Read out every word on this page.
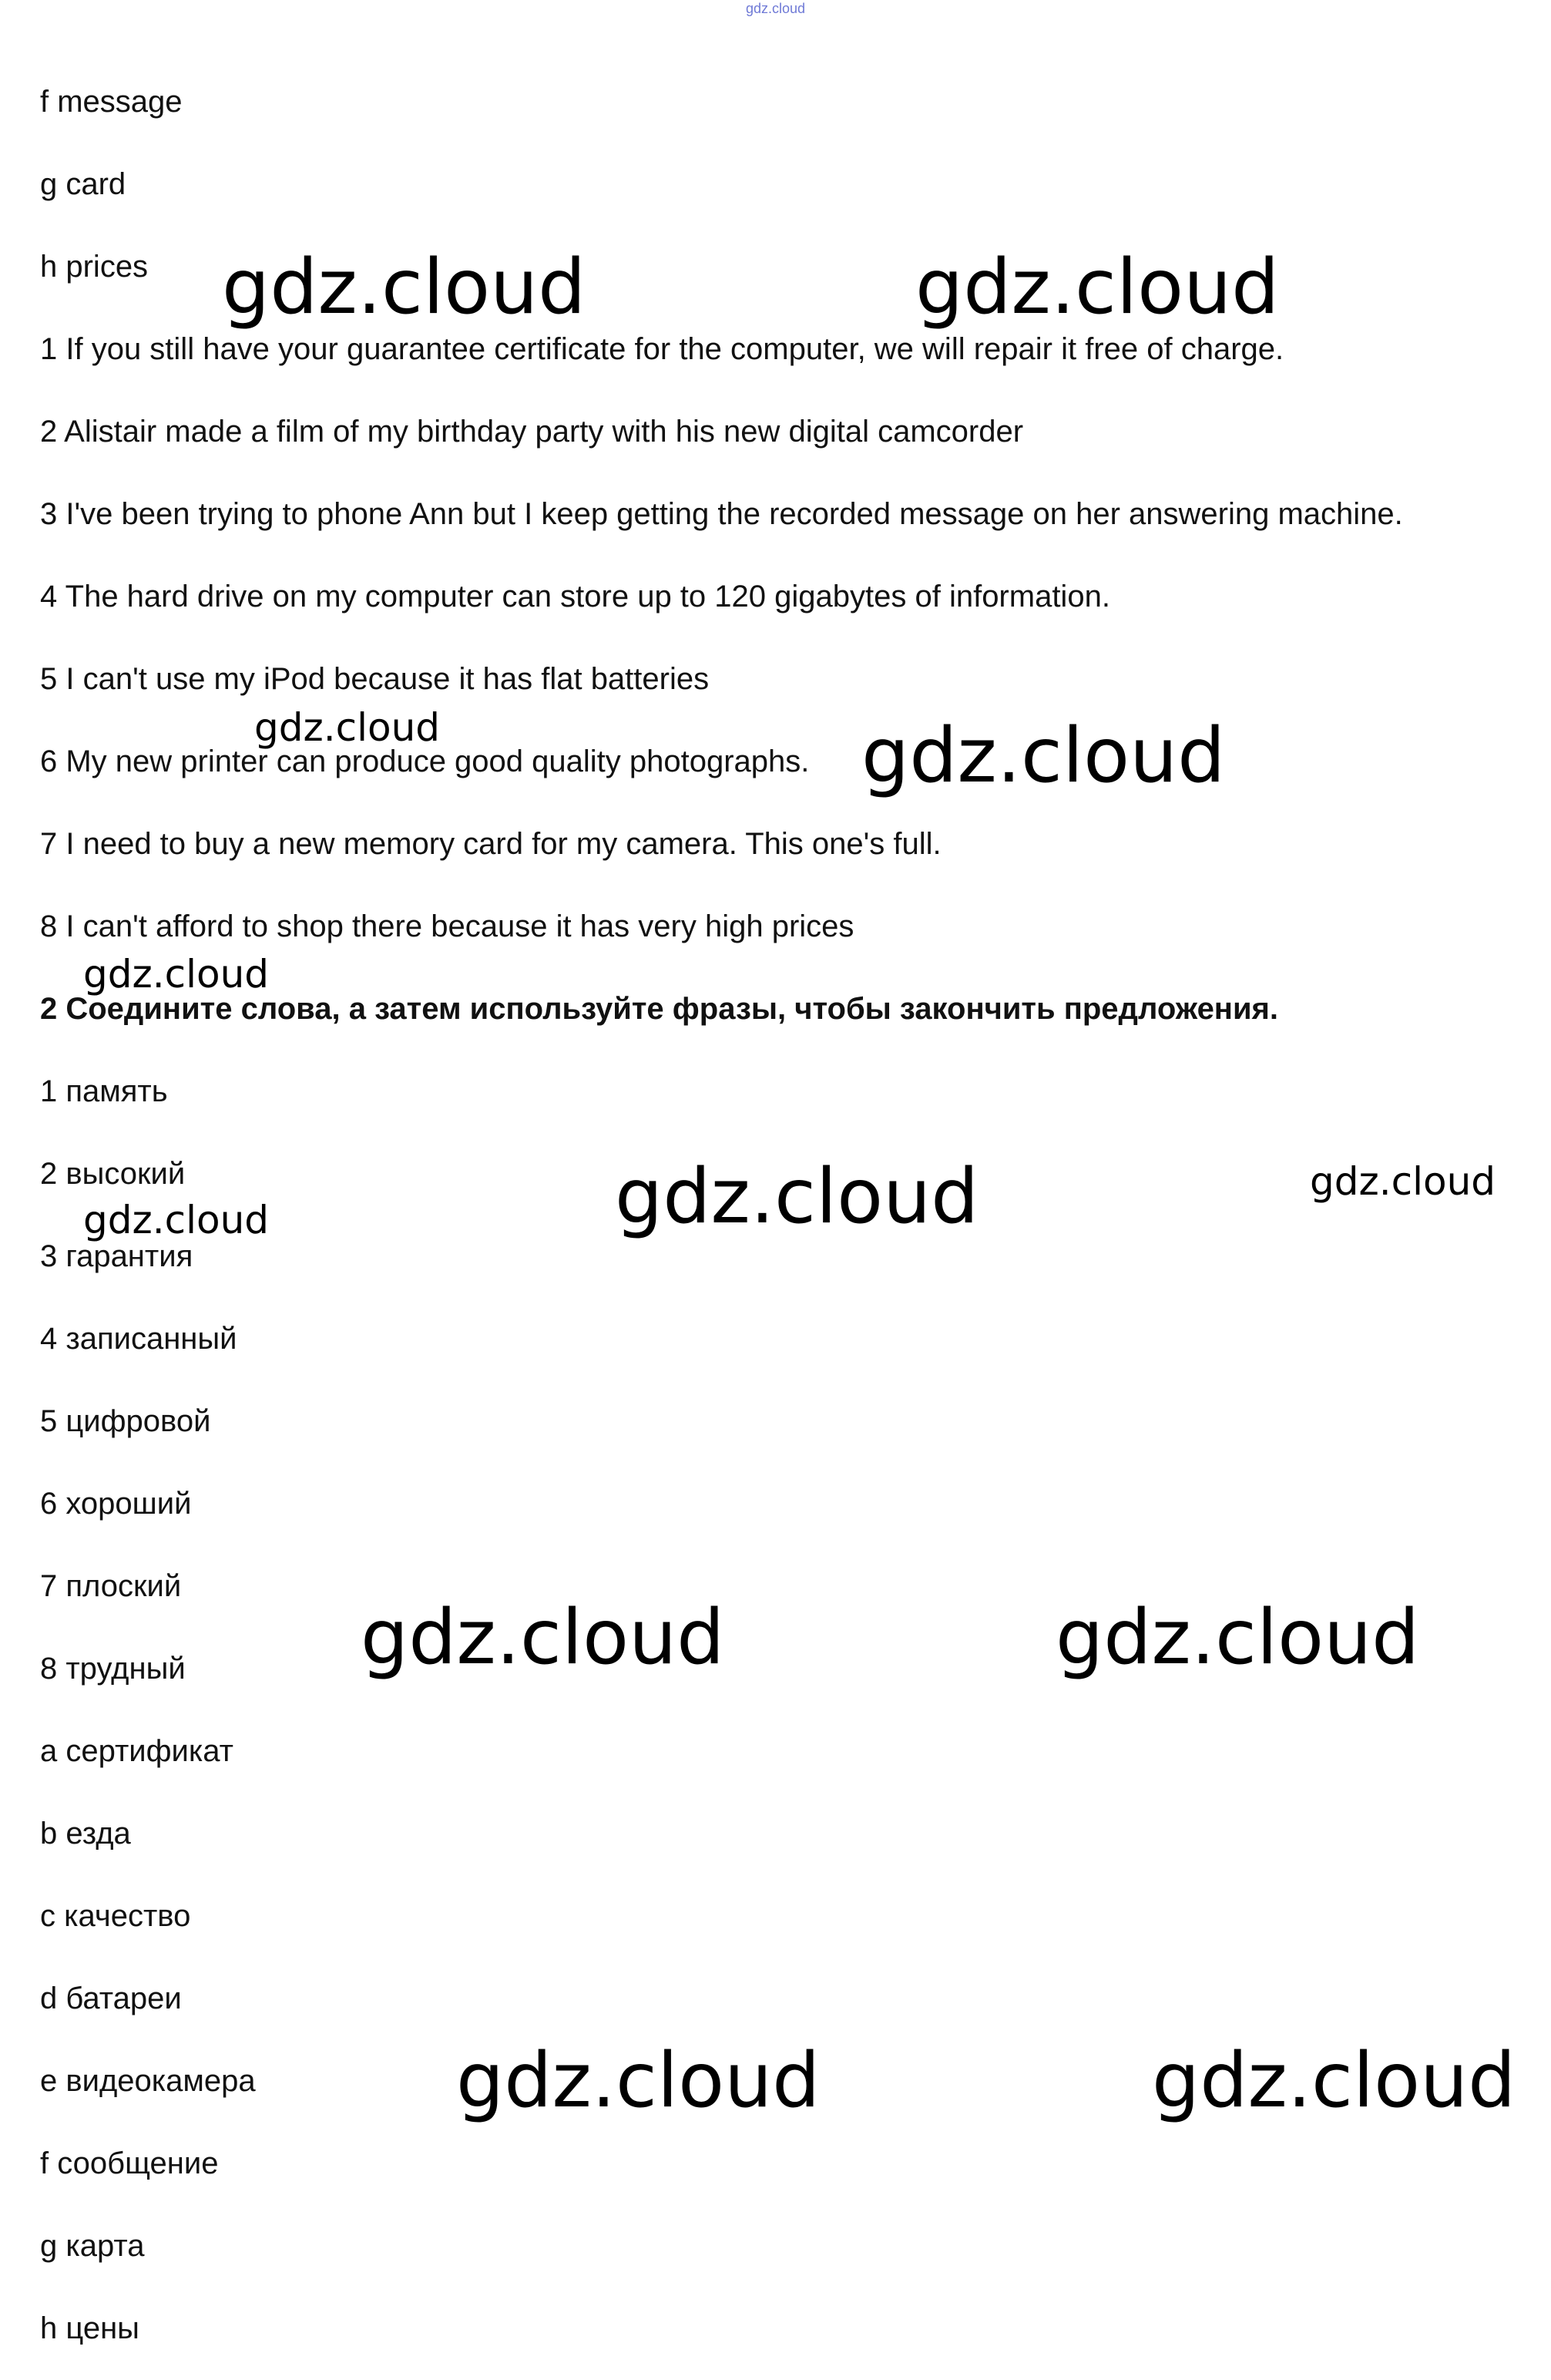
gdz.cloud
f message
g card
h prices
1 If you still have your guarantee certificate for the computer, we will repair it free of charge.
2 Alistair made a film of my birthday party with his new digital camcorder
3 I've been trying to phone Ann but I keep getting the recorded message on her answering machine.
4 The hard drive on my computer can store up to 120 gigabytes of information.
5 I can't use my iPod because it has flat batteries
6 My new printer can produce good quality photographs.
7 I need to buy a new memory card for my camera. This one's full.
8 I can't afford to shop there because it has very high prices
2 Соедините слова, а затем используйте фразы, чтобы закончить предложения.
1 память
2 высокий
3 гарантия
4 записанный
5 цифровой
6 хороший
7 плоский
8 трудный
а сертификат
b езда
с качество
d батареи
е видеокамера
f сообщение
g карта
h цены
gdz.cloud	gdz.cloud
gdz.cloud	gdz.cloud
gdz.cloud
gdz.cloud	gdz.cloud
gdz.cloud
gdz.cloud	gdz.cloud
gdz.cloud	gdz.cloud
